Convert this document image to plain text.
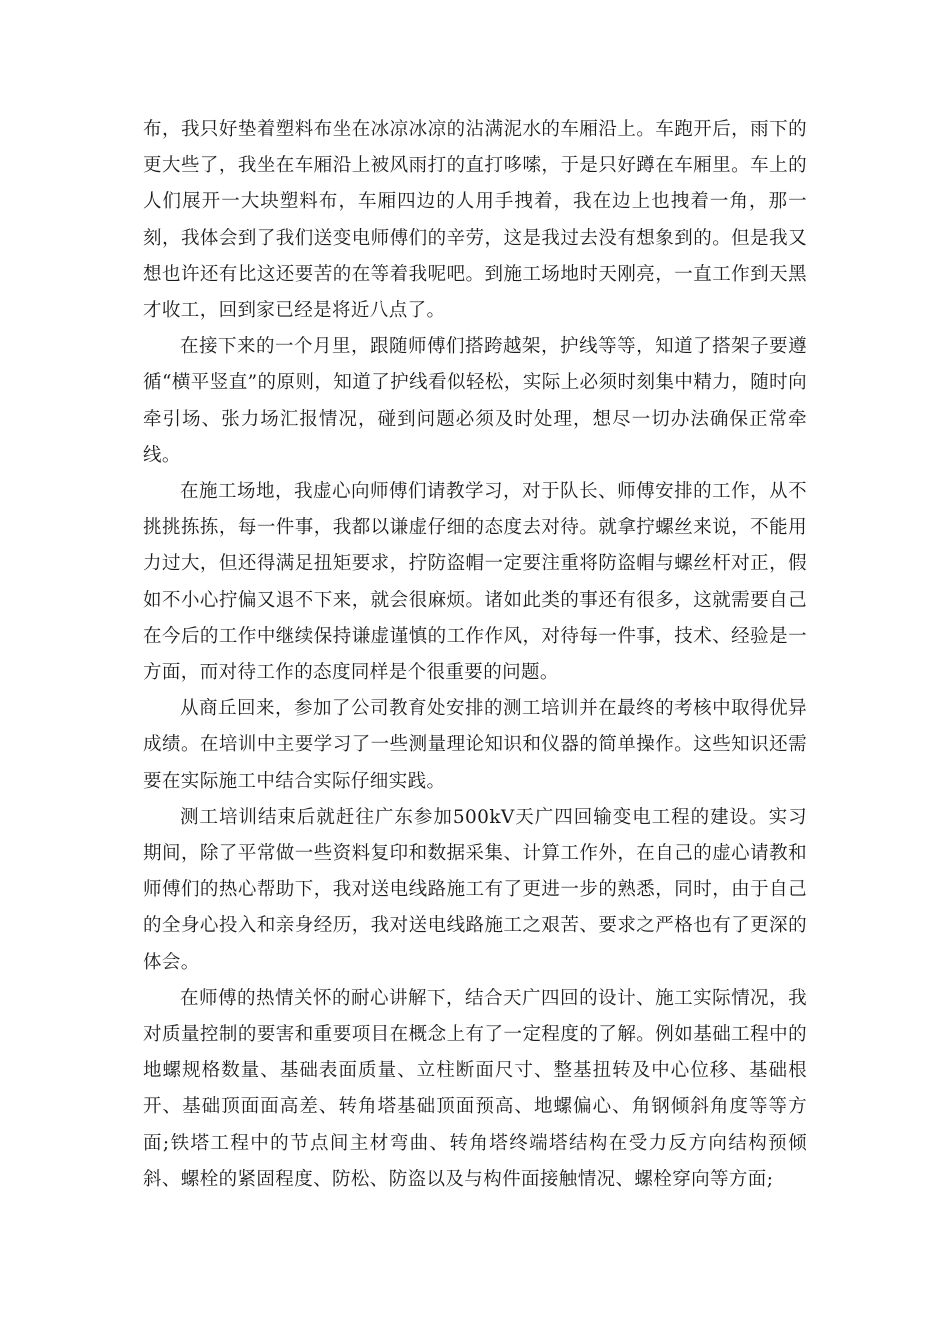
布，我只好垫着塑料布坐在冰凉冰凉的沾满泥水的车厢沿上。车跑开后，雨下的更大些了，我坐在车厢沿上被风雨打的直打哆嗦，于是只好蹲在车厢里。车上的人们展开一大块塑料布，车厢四边的人用手拽着，我在边上也拽着一角，那一刻，我体会到了我们送变电师傅们的辛劳，这是我过去没有想象到的。但是我又想也许还有比这还要苦的在等着我呢吧。到施工场地时天刚亮，一直工作到天黑才收工，回到家已经是将近八点了。

在接下来的一个月里，跟随师傅们搭跨越架，护线等等，知道了搭架子要遵循“横平竖直”的原则，知道了护线看似轻松，实际上必须时刻集中精力，随时向牵引场、张力场汇报情况，碰到问题必须及时处理，想尽一切办法确保正常牵线。

在施工场地，我虚心向师傅们请教学习，对于队长、师傅安排的工作，从不挑挑拣拣，每一件事，我都以谦虚仔细的态度去对待。就拿拧螺丝来说，不能用力过大，但还得满足扭矩要求，拧防盗帽一定要注重将防盗帽与螺丝杆对正，假如不小心拧偏又退不下来，就会很麻烦。诸如此类的事还有很多，这就需要自己在今后的工作中继续保持谦虚谨慎的工作作风，对待每一件事，技术、经验是一方面，而对待工作的态度同样是个很重要的问题。

从商丘回来，参加了公司教育处安排的测工培训并在最终的考核中取得优异成绩。在培训中主要学习了一些测量理论知识和仪器的简单操作。这些知识还需要在实际施工中结合实际仔细实践。

测工培训结束后就赶往广东参加500kV天广四回输变电工程的建设。实习期间，除了平常做一些资料复印和数据采集、计算工作外，在自己的虚心请教和师傅们的热心帮助下，我对送电线路施工有了更进一步的熟悉，同时，由于自己的全身心投入和亲身经历，我对送电线路施工之艰苦、要求之严格也有了更深的体会。

在师傅的热情关怀的耐心讲解下，结合天广四回的设计、施工实际情况，我对质量控制的要害和重要项目在概念上有了一定程度的了解。例如基础工程中的地螺规格数量、基础表面质量、立柱断面尺寸、整基扭转及中心位移、基础根开、基础顶面面高差、转角塔基础顶面预高、地螺偏心、角钢倾斜角度等等方面;铁塔工程中的节点间主材弯曲、转角塔终端塔结构在受力反方向结构预倾斜、螺栓的紧固程度、防松、防盗以及与构件面接触情况、螺栓穿向等方面;
